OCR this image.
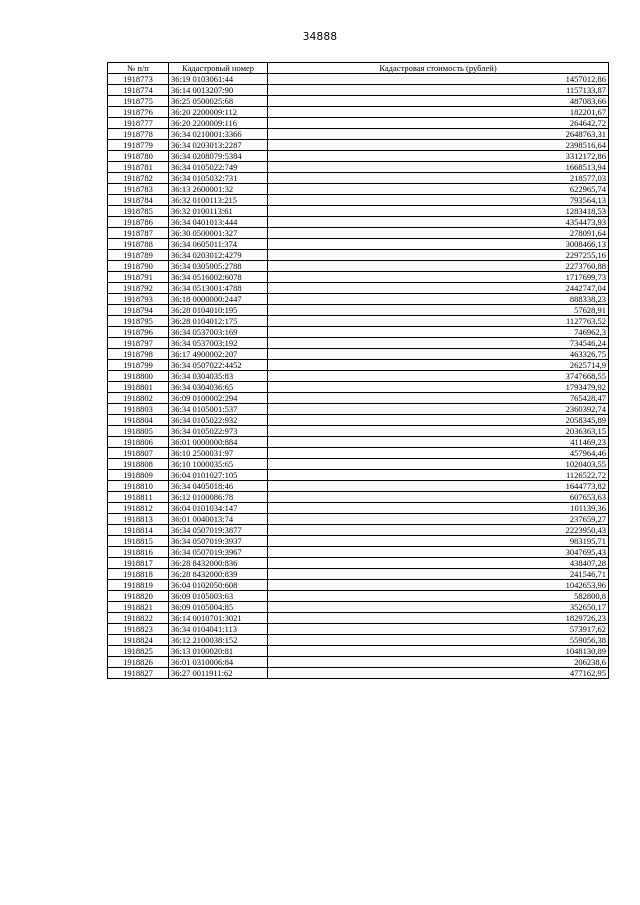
34888
№ п/п	Кадастровый номер	Кадастровая стоимость (рублей)
1918773	36:19 0103061:44	1457012,86
1918774	36:14 0013207:90	1157133,87
1918775	36:25 0500025:68	487083,66
1918776	36:20 2200009:112	182201,67
1918777	36:20 2200009:116	264642,72
1918778	36:34 0210001:3366	2648763,31
1918779	36:34 0203013:2287	2398516,64
1918780	36:34 0208079:5384	3312172,86
1918781	36:34 0105022:749	1668513,94
1918782	36:34 0105032:731	218577,03
1918783	36:13 2600001:32	622965,74
1918784	36:32 0100113:215	793564,13
1918785	36:32 0100113:61	1283418,53
1918786	36:34 0401013:444	4354473,93
1918787	36:30 0500001:327	278091,64
1918788	36:34 0605011:374	3008466,13
1918789	36:34 0203012:4279	2297255,16
1918790	36:34 0305005:2788	2273760,88
1918791	36:34 0516002:6078	1717699,73
1918792	36:34 0513001:4788	2442747,04
1918793	36:18 0000000:2447	888338,23
1918794	36:28 0104010:195	57628,91
1918795	36:28 0104012:175	1127763,52
1918796	36:34 0537003:169	746962,3
1918797	36:34 0537003:192	734546,24
1918798	36:17 4900002:207	463326,75
1918799	36:34 0507022:4452	2625714,9
1918800	36:34 0304035:83	3747668,55
1918801	36:34 0304036:65	1793479,92
1918802	36:09 0100002:294	765428,47
1918803	36:34 0105001:537	2360392,74
1918804	36:34 0105022:932	2058345,89
1918805	36:34 0105022:973	2036363,15
1918806	36:01 0000000:884	411469,23
1918807	36:10 2500031:97	457964,46
1918808	36:10 1000035:65	1020403,55
1918809	36:04 0101027:105	1126522,72
1918810	36:34 0405018:46	1644773,82
1918811	36:12 0100086:78	607653,63
1918812	36:04 0101034:147	101139,36
1918813	36:01 0040013:74	237659,27
1918814	36:34 0507019:3877	2223950,43
1918815	36:34 0507019:3937	983195,71
1918816	36:34 0507019:3967	3047695,43
1918817	36:28 8432000:836	438407,28
1918818	36:28 8432000:839	241546,71
1918819	36:04 0102050:608	1042653,96
1918820	36:09 0105003:63	582800,8
1918821	36:09 0105004:85	352650,17
1918822	36:14 0010701:3021	1829726,23
1918823	36:34 0104041:113	573917,62
1918824	36:12 2100038:152	559056,38
1918825	36:13 0100020:81	1048130,89
1918826	36:01 0310006:84	206238,6
1918827	36:27 0011911:62	477162,95
